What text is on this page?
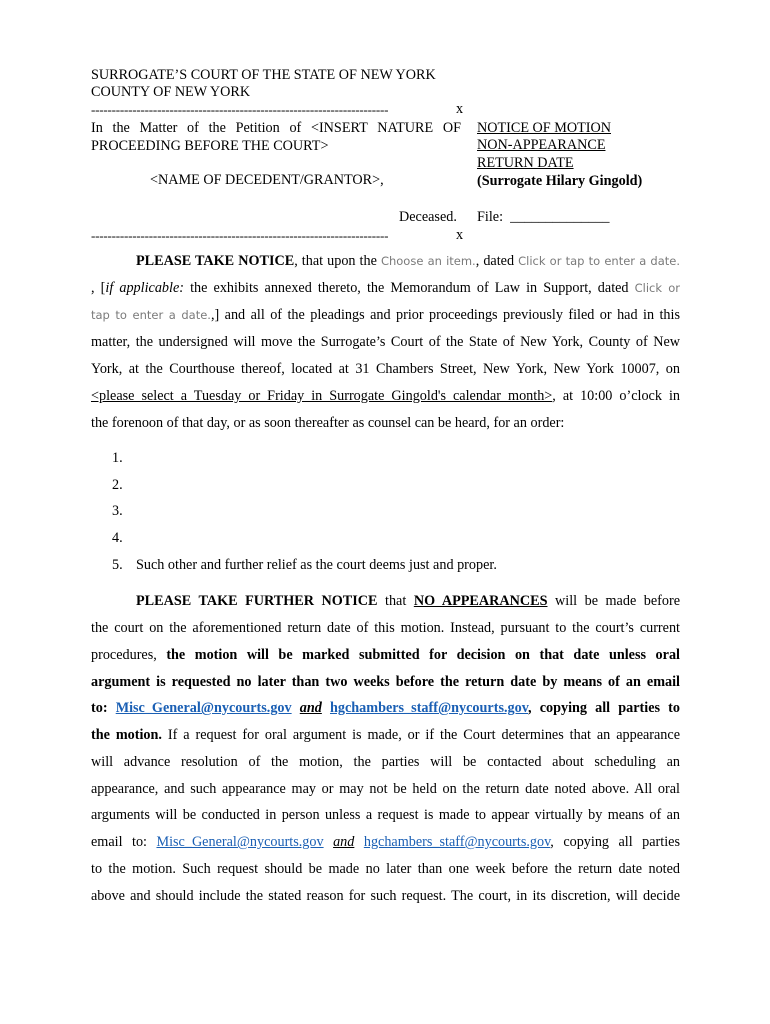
SURROGATE’S COURT OF THE STATE OF NEW YORK
COUNTY OF NEW YORK
------------------------------------------------------------------------	x
In the Matter of the Petition of <INSERT NATURE OF PROCEEDING BEFORE THE COURT>
<NAME OF DECEDENT/GRANTOR>,
Deceased.
------------------------------------------------------------------------	x
NOTICE OF MOTION
NON-APPEARANCE
RETURN DATE
(Surrogate Hilary Gingold)
File: ______________
PLEASE TAKE NOTICE, that upon the Choose an item., dated Click or tap to enter a date.
, [if applicable: the exhibits annexed thereto, the Memorandum of Law in Support, dated Click or
tap to enter a date.,] and all of the pleadings and prior proceedings previously filed or had in this
matter, the undersigned will move the Surrogate’s Court of the State of New York, County of New
York, at the Courthouse thereof, located at 31 Chambers Street, New York, New York 10007, on
<please select a Tuesday or Friday in Surrogate Gingold's calendar month>, at 10:00 o’clock in
the forenoon of that day, or as soon thereafter as counsel can be heard, for an order:
1.
2.
3.
4.
5. Such other and further relief as the court deems just and proper.
PLEASE TAKE FURTHER NOTICE that NO APPEARANCES will be made before
the court on the aforementioned return date of this motion. Instead, pursuant to the court’s current
procedures, the motion will be marked submitted for decision on that date unless oral
argument is requested no later than two weeks before the return date by means of an email
to: Misc_General@nycourts.gov and hgchambers_staff@nycourts.gov, copying all parties to
the motion. If a request for oral argument is made, or if the Court determines that an appearance
will advance resolution of the motion, the parties will be contacted about scheduling an
appearance, and such appearance may or may not be held on the return date noted above. All oral
arguments will be conducted in person unless a request is made to appear virtually by means of an
email to: Misc_General@nycourts.gov and hgchambers_staff@nycourts.gov, copying all parties
to the motion. Such request should be made no later than one week before the return date noted
above and should include the stated reason for such request. The court, in its discretion, will decide
